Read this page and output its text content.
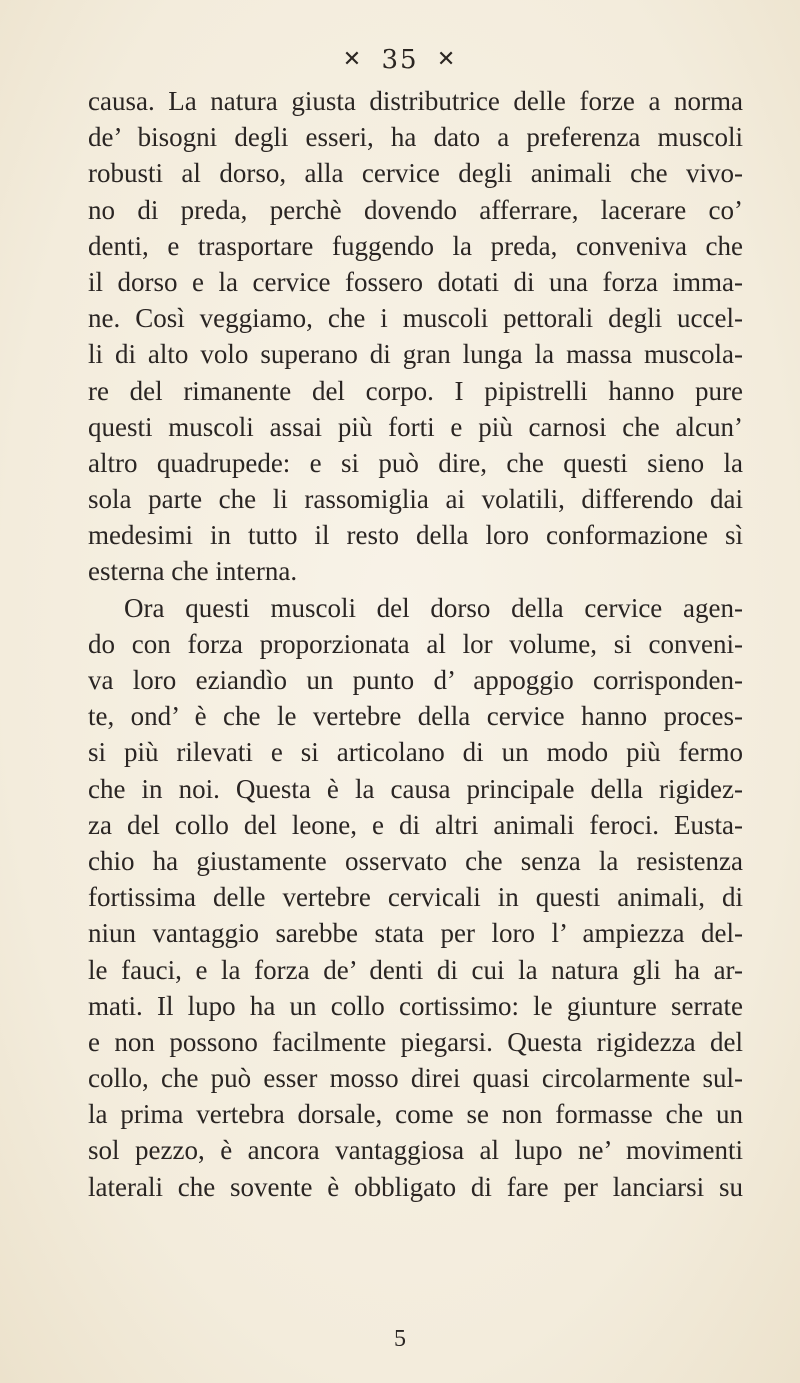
✕ 35 ✕
causa. La natura giusta distributrice delle forze a norma
de’ bisogni degli esseri, ha dato a preferenza muscoli
robusti al dorso, alla cervice degli animali che vivo-
no di preda, perchè dovendo afferrare, lacerare co’
denti, e trasportare fuggendo la preda, conveniva che
il dorso e la cervice fossero dotati di una forza imma-
ne. Così veggiamo, che i muscoli pettorali degli uccel-
li di alto volo superano di gran lunga la massa muscola-
re del rimanente del corpo. I pipistrelli hanno pure
questi muscoli assai più forti e più carnosi che alcun’
altro quadrupede: e si può dire, che questi sieno la
sola parte che li rassomiglia ai volatili, differendo dai
medesimi in tutto il resto della loro conformazione sì
esterna che interna.
Ora questi muscoli del dorso della cervice agen-
do con forza proporzionata al lor volume, si conveni-
va loro eziandìo un punto d’ appoggio corrisponden-
te, ond’ è che le vertebre della cervice hanno proces-
si più rilevati e si articolano di un modo più fermo
che in noi. Questa è la causa principale della rigidez-
za del collo del leone, e di altri animali feroci. Eusta-
chio ha giustamente osservato che senza la resistenza
fortissima delle vertebre cervicali in questi animali, di
niun vantaggio sarebbe stata per loro l’ ampiezza del-
le fauci, e la forza de’ denti di cui la natura gli ha ar-
mati. Il lupo ha un collo cortissimo: le giunture serrate
e non possono facilmente piegarsi. Questa rigidezza del
collo, che può esser mosso direi quasi circolarmente sul-
la prima vertebra dorsale, come se non formasse che un
sol pezzo, è ancora vantaggiosa al lupo ne’ movimenti
laterali che sovente è obbligato di fare per lanciarsi su
5
